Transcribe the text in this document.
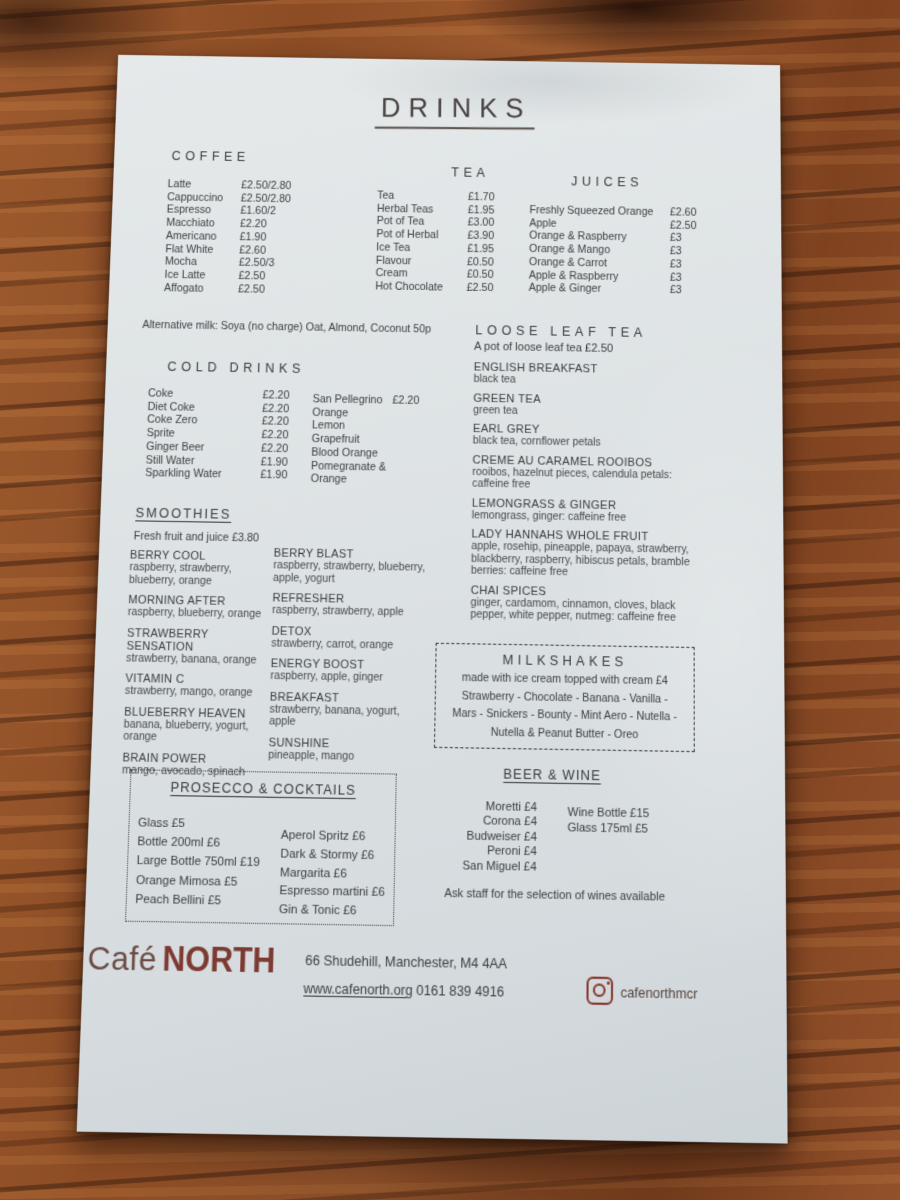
DRINKS
COFFEE
Latte	£2.50/2.80
Cappuccino	£2.50/2.80
Espresso	£1.60/2
Macchiato	£2.20
Americano	£1.90
Flat White	£2.60
Mocha	£2.50/3
Ice Latte	£2.50
Affogato	£2.50
TEA
Tea	£1.70
Herbal Teas	£1.95
Pot of Tea	£3.00
Pot of Herbal	£3.90
Ice Tea	£1.95
Flavour	£0.50
Cream	£0.50
Hot Chocolate	£2.50
JUICES
Freshly Squeezed Orange	£2.60
Apple	£2.50
Orange & Raspberry	£3
Orange & Mango	£3
Orange & Carrot	£3
Apple & Raspberry	£3
Apple & Ginger	£3
Alternative milk: Soya (no charge) Oat, Almond, Coconut 50p
COLD DRINKS
Coke	£2.20
Diet Coke	£2.20
Coke Zero	£2.20
Sprite	£2.20
Ginger Beer	£2.20
Still Water	£1.90
Sparkling Water	£1.90
San Pellegrino £2.20
Orange
Lemon
Grapefruit
Blood Orange
Pomegranate &
Orange
LOOSE LEAF TEA
A pot of loose leaf tea £2.50
ENGLISH BREAKFAST
black tea
GREEN TEA
green tea
EARL GREY
black tea, cornflower petals
CREME AU CARAMEL ROOIBOS
rooibos, hazelnut pieces, calendula petals:
caffeine free
LEMONGRASS & GINGER
lemongrass, ginger: caffeine free
LADY HANNAHS WHOLE FRUIT
apple, rosehip, pineapple, papaya, strawberry,
blackberry, raspberry, hibiscus petals, bramble
berries: caffeine free
CHAI SPICES
ginger, cardamom, cinnamon, cloves, black
pepper, white pepper, nutmeg: caffeine free
SMOOTHIES
Fresh fruit and juice £3.80
BERRY COOL
raspberry, strawberry,
blueberry, orange
MORNING AFTER
raspberry, blueberry, orange
STRAWBERRY SENSATION
strawberry, banana, orange
VITAMIN C
strawberry, mango, orange
BLUEBERRY HEAVEN
banana, blueberry, yogurt,
orange
BRAIN POWER
mango, avocado, spinach
BERRY BLAST
raspberry, strawberry, blueberry,
apple, yogurt
REFRESHER
raspberry, strawberry, apple
DETOX
strawberry, carrot, orange
ENERGY BOOST
raspberry, apple, ginger
BREAKFAST
strawberry, banana, yogurt,
apple
SUNSHINE
pineapple, mango
MILKSHAKES
made with ice cream topped with cream £4
Strawberry - Chocolate - Banana - Vanilla -
Mars - Snickers - Bounty - Mint Aero - Nutella -
Nutella & Peanut Butter - Oreo
BEER & WINE
Moretti £4
Corona £4
Budweiser £4
Peroni £4
San Miguel £4
Wine Bottle £15
Glass 175ml £5
Ask staff for the selection of wines available
PROSECCO & COCKTAILS
Glass £5
Bottle 200ml £6
Large Bottle 750ml £19
Orange Mimosa £5
Peach Bellini £5
Aperol Spritz £6
Dark & Stormy £6
Margarita £6
Espresso martini £6
Gin & Tonic £6
Café NORTH 66 Shudehill, Manchester, M4 4AA
www.cafenorth.org 0161 839 4916	cafenorthmcr
